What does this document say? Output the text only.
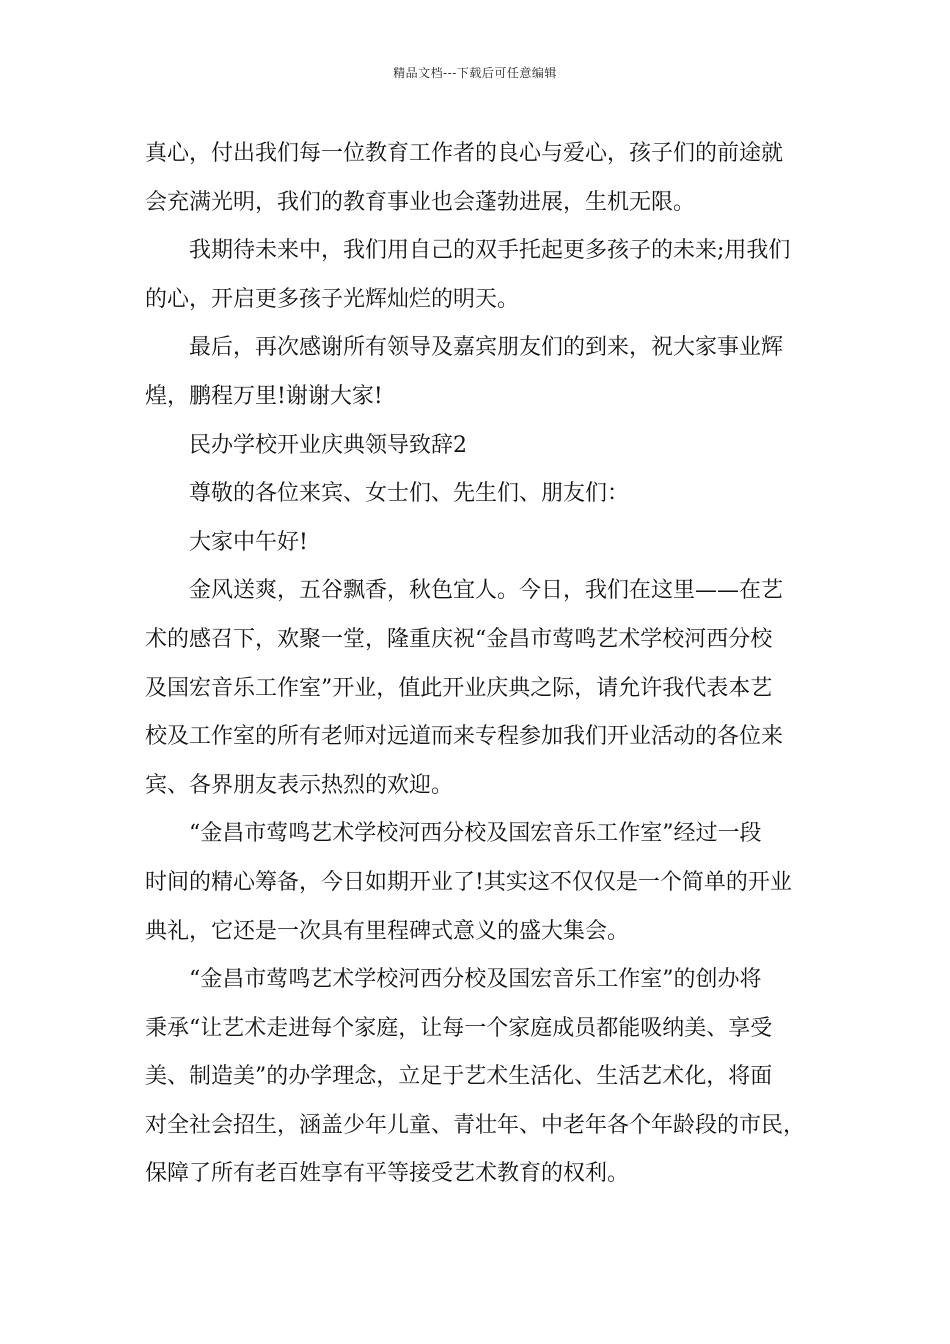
精品文档---下载后可任意编辑
真心，付出我们每一位教育工作者的良心与爱心，孩子们的前途就
会充满光明，我们的教育事业也会蓬勃进展，生机无限。
我期待未来中，我们用自己的双手托起更多孩子的未来;用我们
的心，开启更多孩子光辉灿烂的明天。
最后，再次感谢所有领导及嘉宾朋友们的到来，祝大家事业辉
煌，鹏程万里!谢谢大家!
民办学校开业庆典领导致辞2
尊敬的各位来宾、女士们、先生们、朋友们：
大家中午好!
金风送爽，五谷飘香，秋色宜人。今日，我们在这里——在艺
术的感召下，欢聚一堂，隆重庆祝“金昌市莺鸣艺术学校河西分校
及国宏音乐工作室”开业，值此开业庆典之际，请允许我代表本艺
校及工作室的所有老师对远道而来专程参加我们开业活动的各位来
宾、各界朋友表示热烈的欢迎。
“金昌市莺鸣艺术学校河西分校及国宏音乐工作室”经过一段
时间的精心筹备，今日如期开业了!其实这不仅仅是一个简单的开业
典礼，它还是一次具有里程碑式意义的盛大集会。
“金昌市莺鸣艺术学校河西分校及国宏音乐工作室”的创办将
秉承“让艺术走进每个家庭，让每一个家庭成员都能吸纳美、享受
美、制造美”的办学理念，立足于艺术生活化、生活艺术化，将面
对全社会招生，涵盖少年儿童、青壮年、中老年各个年龄段的市民，
保障了所有老百姓享有平等接受艺术教育的权利。
